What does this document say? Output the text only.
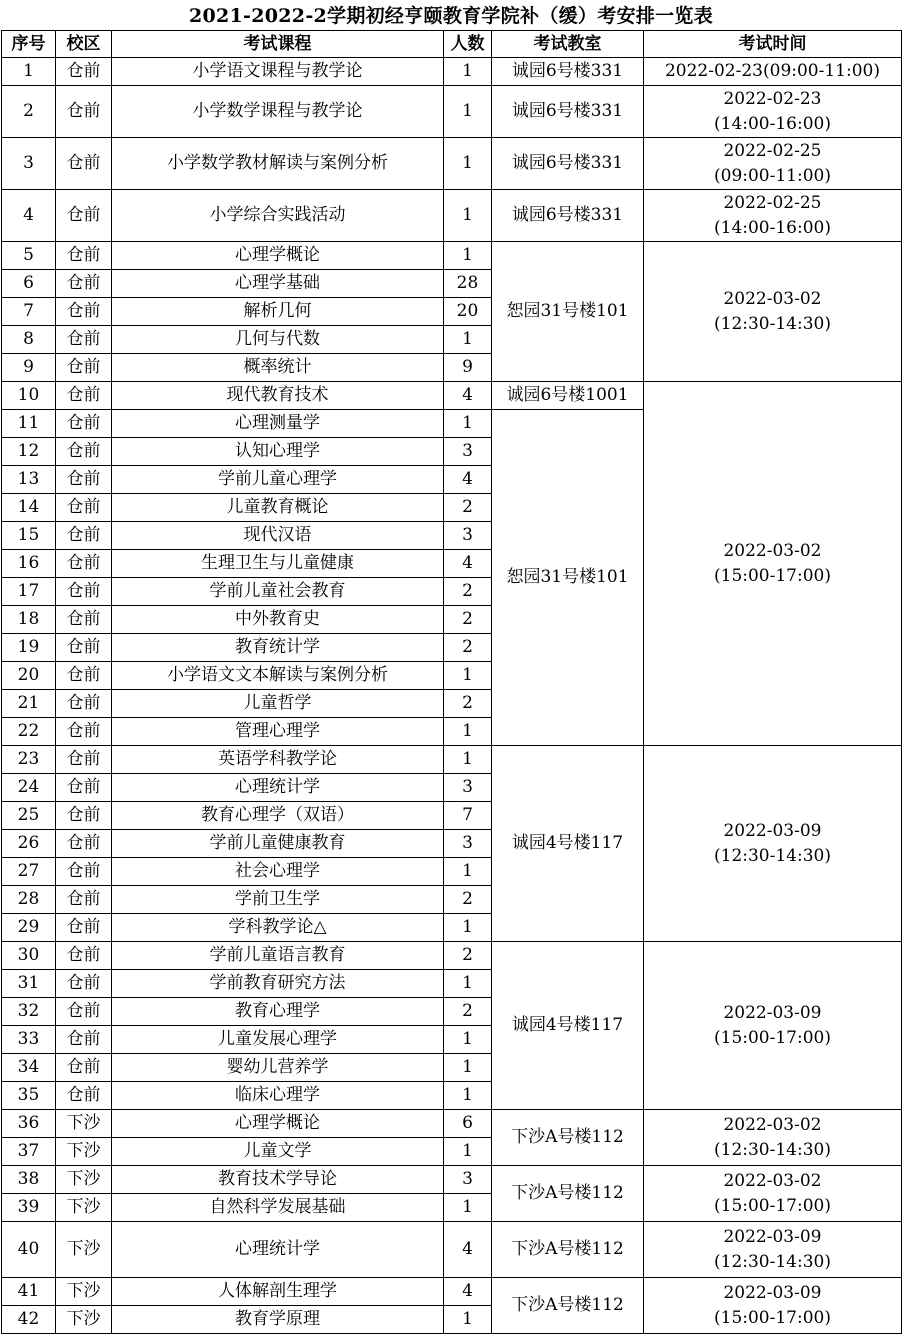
2021-2022-2学期初经亨颐教育学院补（缓）考安排一览表
序号	校区	考试课程	人数	考试教室	考试时间
1	仓前	小学语文课程与教学论	1	诚园6号楼331	2022-02-23(09:00-11:00)

2	仓前	小学数学课程与教学论	1	诚园6号楼331	2022-02-23
(14:00-16:00)

3	仓前	小学数学教材解读与案例分析	1	诚园6号楼331	2022-02-25
(09:00-11:00)

4	仓前	小学综合实践活动	1	诚园6号楼331	2022-02-25
(14:00-16:00)

5	仓前	心理学概论	1	恕园31号楼101	2022-03-02
(12:30-14:30)

6	仓前	心理学基础	28		
7	仓前	解析几何	20		
8	仓前	几何与代数	1		
9	仓前	概率统计	9		
10	仓前	现代教育技术	4	诚园6号楼1001	2022-03-02
(15:00-17:00)

11	仓前	心理测量学	1	恕园31号楼101	
12	仓前	认知心理学	3		
13	仓前	学前儿童心理学	4		
14	仓前	儿童教育概论	2		
15	仓前	现代汉语	3		
16	仓前	生理卫生与儿童健康	4		
17	仓前	学前儿童社会教育	2		
18	仓前	中外教育史	2		
19	仓前	教育统计学	2		
20	仓前	小学语文文本解读与案例分析	1		
21	仓前	儿童哲学	2		
22	仓前	管理心理学	1		
23	仓前	英语学科教学论	1	诚园4号楼117	2022-03-09
(12:30-14:30)

24	仓前	心理统计学	3		
25	仓前	教育心理学（双语）	7		
26	仓前	学前儿童健康教育	3		
27	仓前	社会心理学	1		
28	仓前	学前卫生学	2		
29	仓前	学科教学论△	1		
30	仓前	学前儿童语言教育	2	诚园4号楼117	2022-03-09
(15:00-17:00)

31	仓前	学前教育研究方法	1		
32	仓前	教育心理学	2		
33	仓前	儿童发展心理学	1		
34	仓前	婴幼儿营养学	1		
35	仓前	临床心理学	1		
36	下沙	心理学概论	6	下沙A号楼112	2022-03-02
(12:30-14:30)

37	下沙	儿童文学	1		
38	下沙	教育技术学导论	3	下沙A号楼112	2022-03-02
(15:00-17:00)

39	下沙	自然科学发展基础	1		
40	下沙	心理统计学	4	下沙A号楼112	2022-03-09
(12:30-14:30)

41	下沙	人体解剖生理学	4	下沙A号楼112	2022-03-09
(15:00-17:00)

42	下沙	教育学原理	1		
